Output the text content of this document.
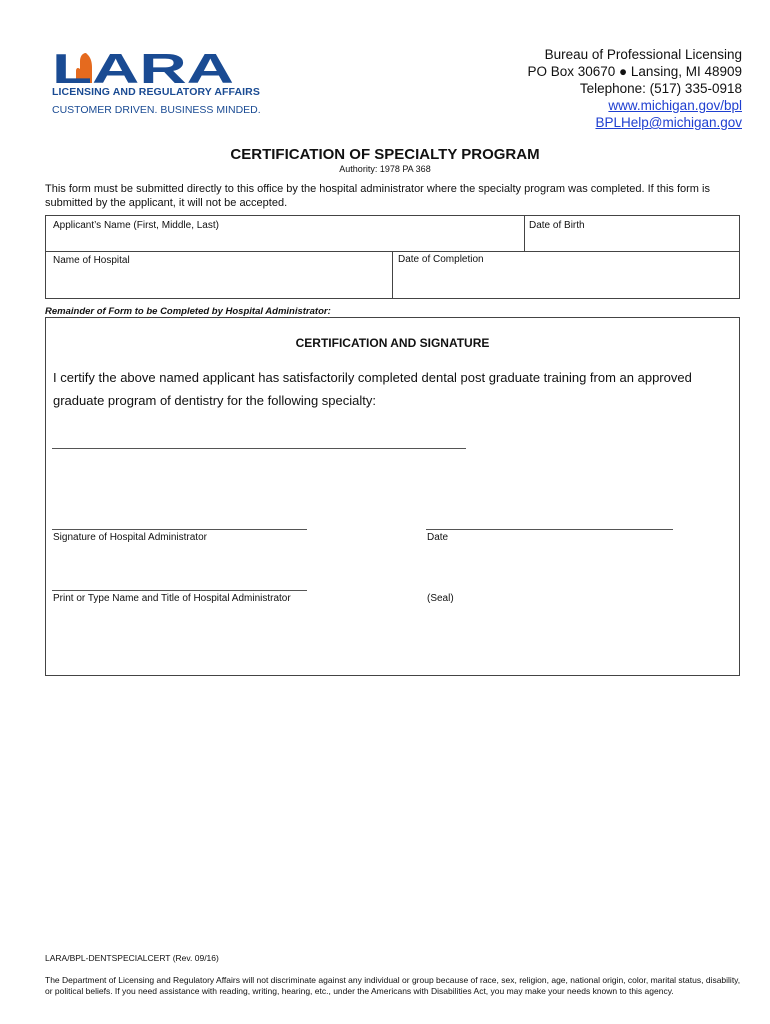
LARA
LICENSING AND REGULATORY AFFAIRS
CUSTOMER DRIVEN. BUSINESS MINDED.
Bureau of Professional Licensing
PO Box 30670 ● Lansing, MI 48909
Telephone: (517) 335-0918
www.michigan.gov/bpl
BPLHelp@michigan.gov
CERTIFICATION OF SPECIALTY PROGRAM
Authority: 1978 PA 368
This form must be submitted directly to this office by the hospital administrator where the specialty program was completed. If this form is submitted by the applicant, it will not be accepted.
Applicant’s Name (First, Middle, Last)	Date of Birth
Name of Hospital	Date of Completion
Remainder of Form to be Completed by Hospital Administrator:
CERTIFICATION AND SIGNATURE
I certify the above named applicant has satisfactorily completed dental post graduate training from an approved graduate program of dentistry for the following specialty:
Signature of Hospital Administrator	Date
Print or Type Name and Title of Hospital Administrator	(Seal)
LARA/BPL-DENTSPECIALCERT (Rev. 09/16)
The Department of Licensing and Regulatory Affairs will not discriminate against any individual or group because of race, sex, religion, age, national origin, color, marital status, disability, or political beliefs. If you need assistance with reading, writing, hearing, etc., under the Americans with Disabilities Act, you may make your needs known to this agency.
